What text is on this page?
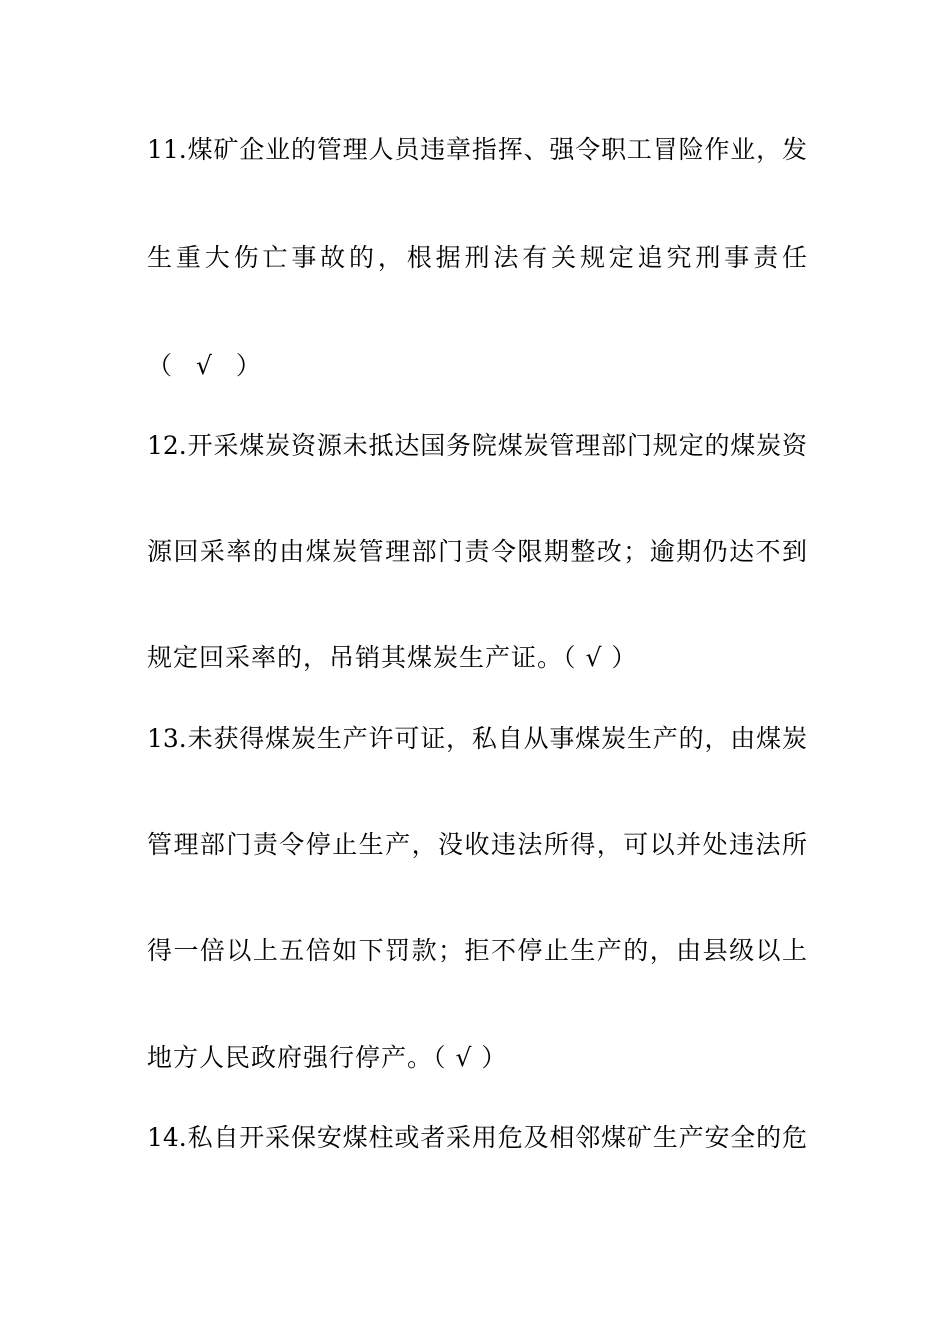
11.煤矿企业的管理人员违章指挥、强令职工冒险作业，发
生重大伤亡事故的，根据刑法有关规定追究刑事责任
（ √ ）
12.开采煤炭资源未抵达国务院煤炭管理部门规定的煤炭资
源回采率的由煤炭管理部门责令限期整改；逾期仍达不到
规定回采率的，吊销其煤炭生产证。（ √ ）
13.未获得煤炭生产许可证，私自从事煤炭生产的，由煤炭
管理部门责令停止生产，没收违法所得，可以并处违法所
得一倍以上五倍如下罚款；拒不停止生产的，由县级以上
地方人民政府强行停产。（ √ ）
14.私自开采保安煤柱或者采用危及相邻煤矿生产安全的危
